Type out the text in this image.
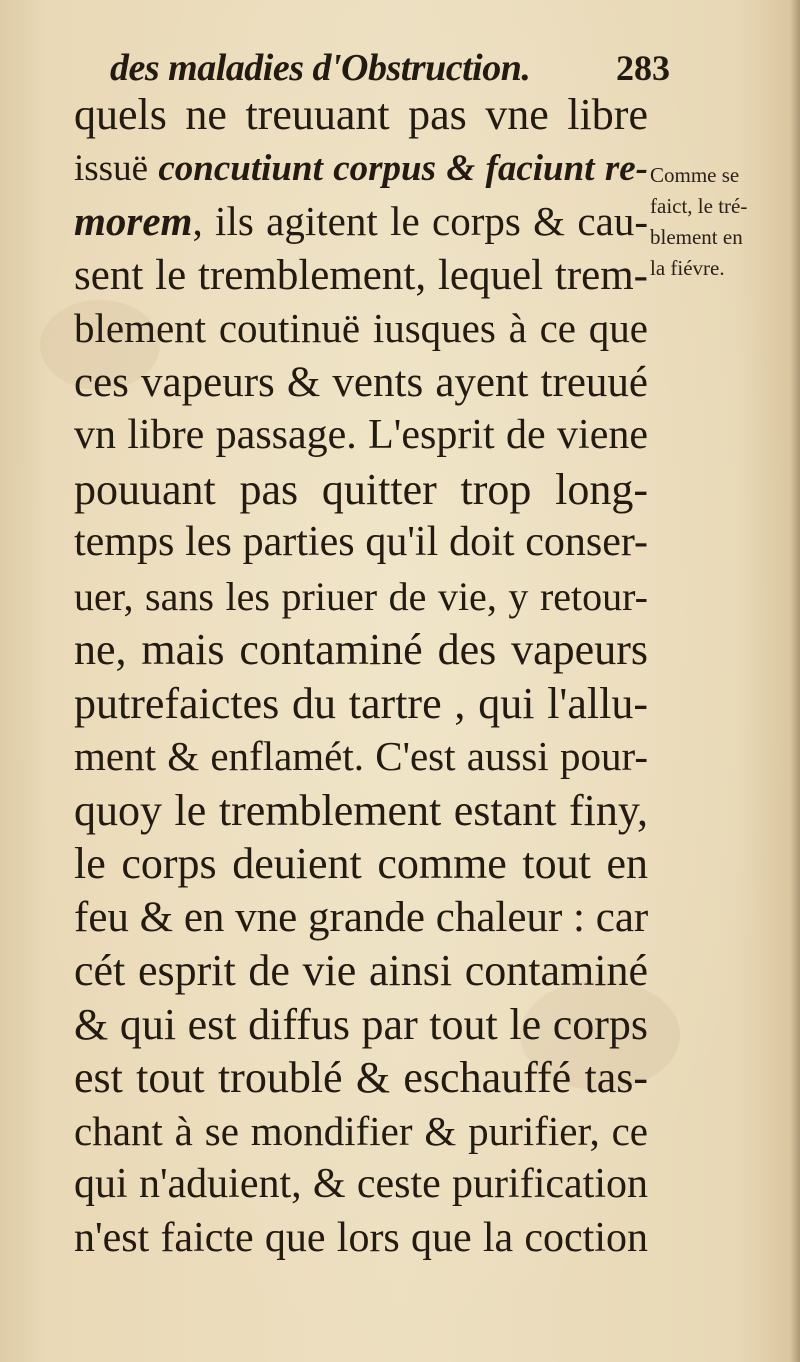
des maladies d'Obstruction. 283
quels ne treuuant pas vne libre
issuë concutiunt corpus & faciunt re-
morem, ils agitent le corps & cau-
sent le tremblement, lequel trem-
blement coutinuë iusques à ce que
ces vapeurs & vents ayent treuué
vn libre passage. L'esprit de viene
pouuant pas quitter trop long-
temps les parties qu'il doit conser-
uer, sans les priuer de vie, y retour-
ne, mais contaminé des vapeurs
putrefaictes du tartre , qui l'allu-
ment & enflamét. C'est aussi pour-
quoy le tremblement estant finy,
le corps deuient comme tout en
feu & en vne grande chaleur : car
cét esprit de vie ainsi contaminé
& qui est diffus par tout le corps
est tout troublé & eschauffé tas-
chant à se mondifier & purifier, ce
qui n'aduient, & ceste purification
n'est faicte que lors que la coction
Comme se
faict, le tré-
blement en
la fiévre.
